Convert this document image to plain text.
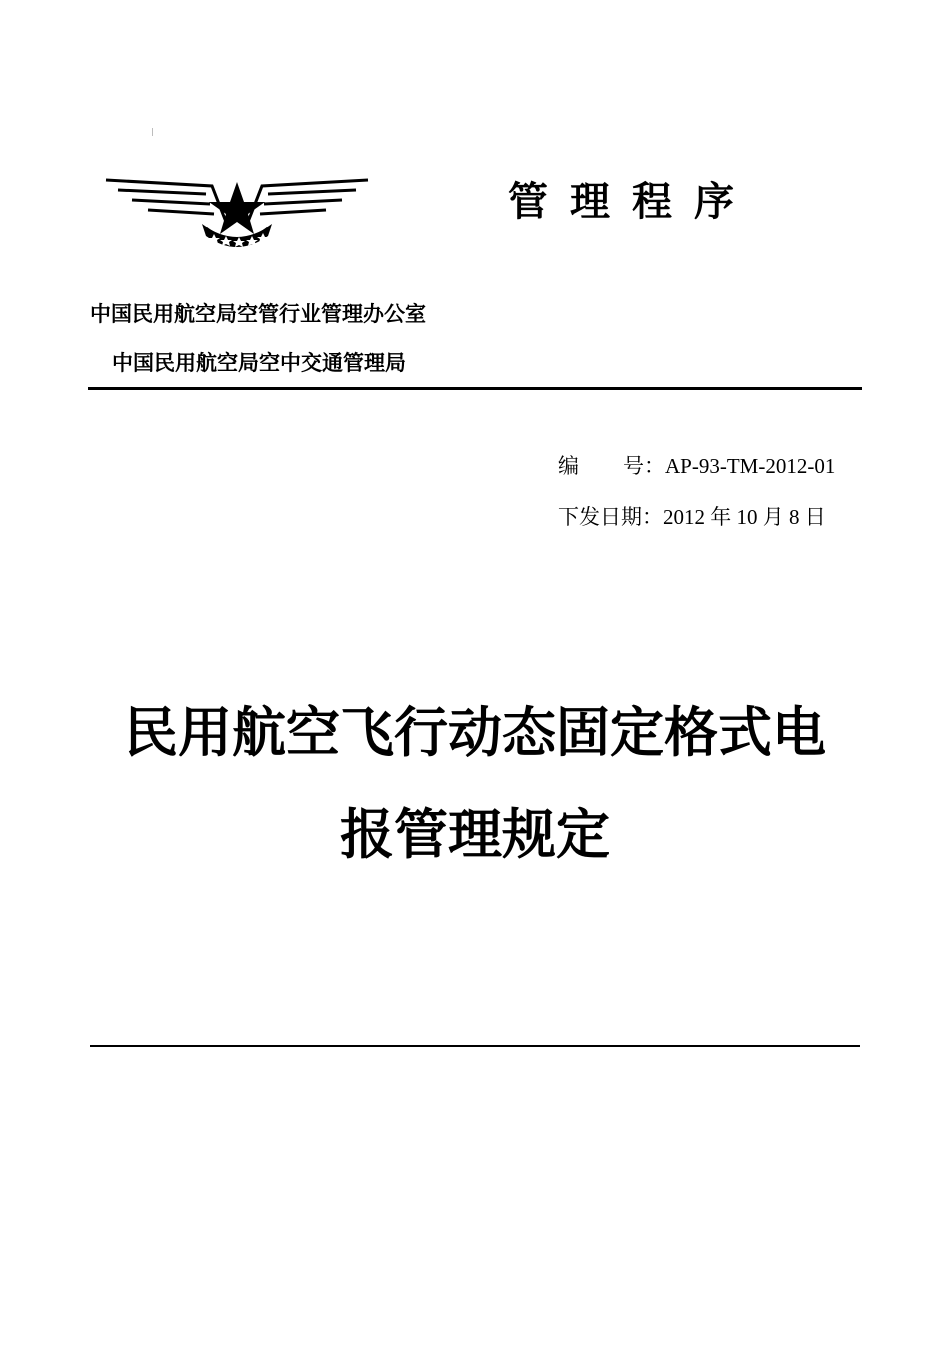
管理程序
中国民用航空局空管行业管理办公室
中国民用航空局空中交通管理局
编 号：AP-93-TM-2012-01
下发日期：2012 年 10 月 8 日
民用航空飞行动态固定格式电
报管理规定
